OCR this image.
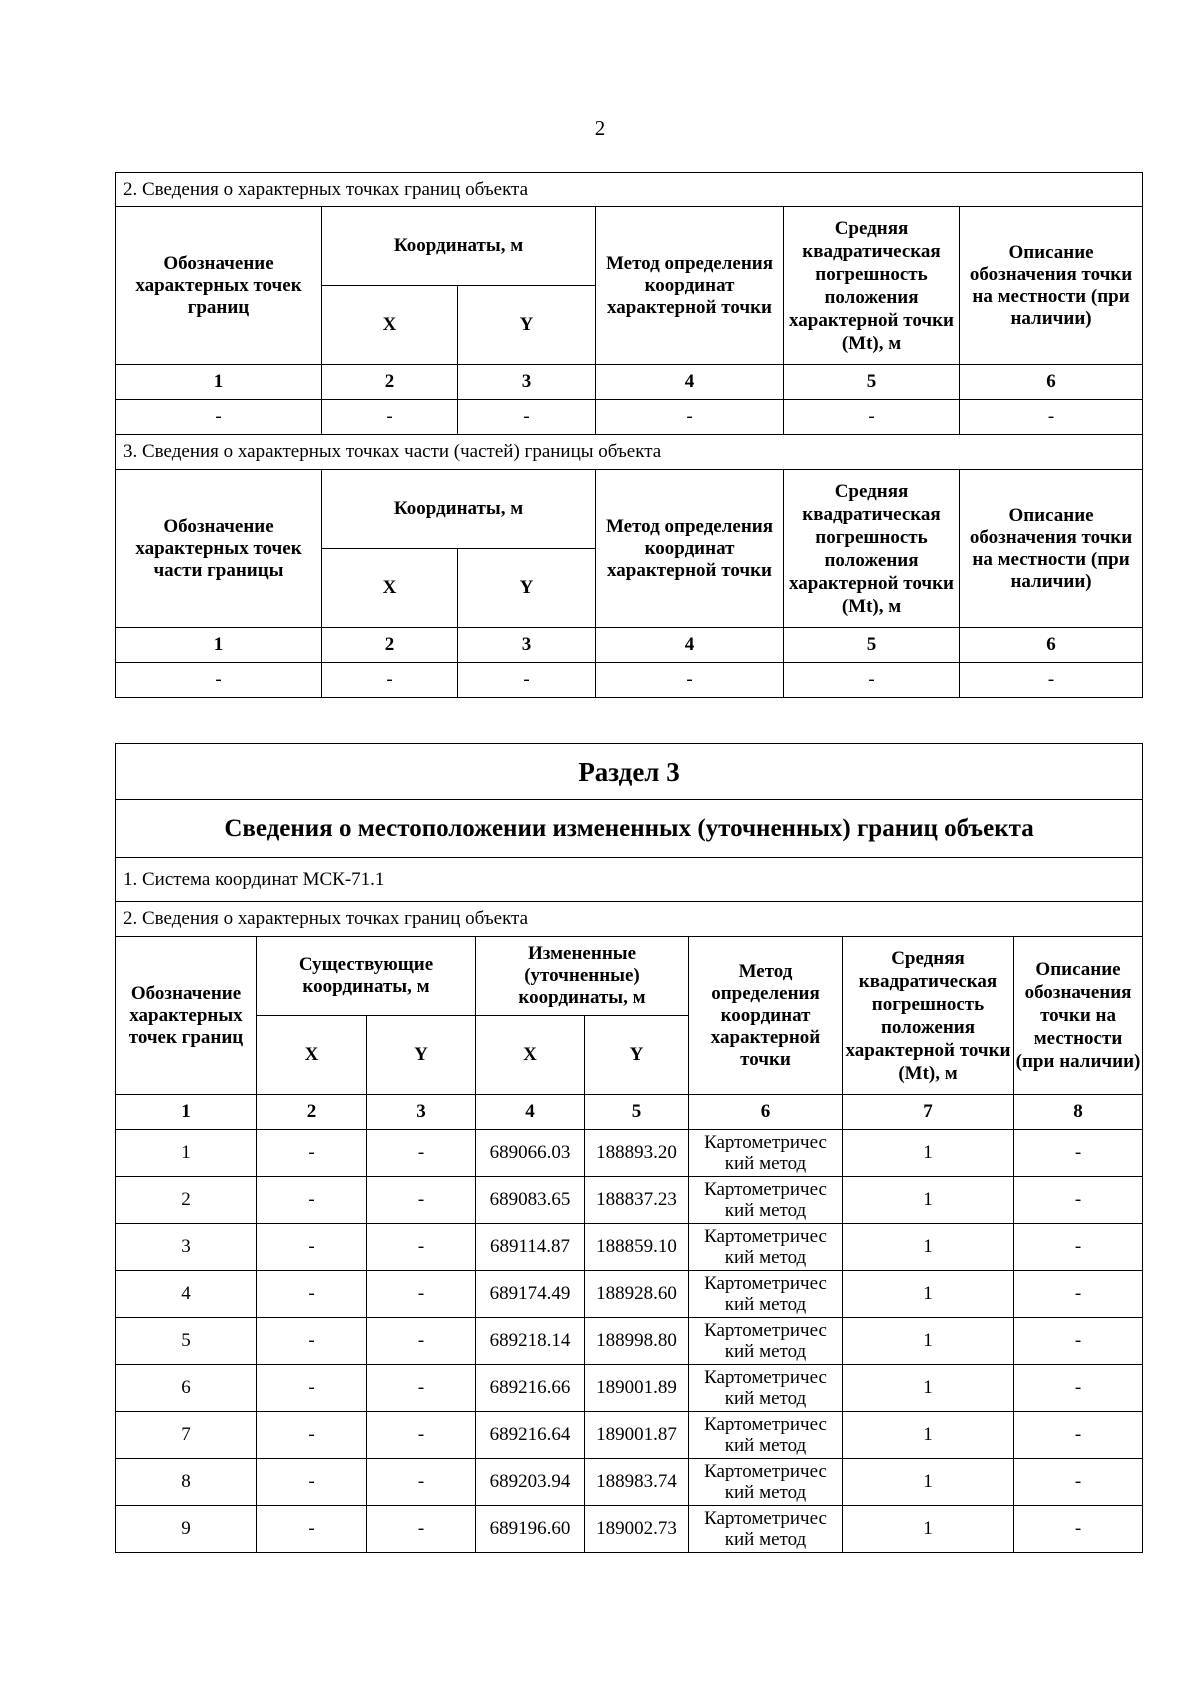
2
2. Сведения о характерных точках границ объекта					
Обозначение характерных точек границ	Координаты, м		Метод определения координат характерной точки	Средняя квадратическая погрешность положения характерной точки (Mt), м	Описание обозначения точки на местности (при наличии)
	X	Y			
1	2	3	4	5	6
-	-	-	-	-	-
3. Сведения о характерных точках части (частей) границы объекта					
Обозначение характерных точек части границы	Координаты, м		Метод определения координат характерной точки	Средняя квадратическая погрешность положения характерной точки (Mt), м	Описание обозначения точки на местности (при наличии)
	X	Y			
1	2	3	4	5	6
-	-	-	-	-	-
Раздел 3							
Сведения о местоположении измененных (уточненных) границ объекта							
1. Система координат МСК-71.1							
2. Сведения о характерных точках границ объекта							
Обозначение характерных точек границ	Существующие координаты, м		Измененные (уточненные) координаты, м		Метод определения координат характерной точки	Средняя квадратическая погрешность положения характерной точки (Mt), м	Описание обозначения точки на местности (при наличии)
	X	Y	X	Y			
1	2	3	4	5	6	7	8
1	-	-	689066.03	188893.20	Картометричес кий метод	1	-
2	-	-	689083.65	188837.23	Картометричес кий метод	1	-
3	-	-	689114.87	188859.10	Картометричес кий метод	1	-
4	-	-	689174.49	188928.60	Картометричес кий метод	1	-
5	-	-	689218.14	188998.80	Картометричес кий метод	1	-
6	-	-	689216.66	189001.89	Картометричес кий метод	1	-
7	-	-	689216.64	189001.87	Картометричес кий метод	1	-
8	-	-	689203.94	188983.74	Картометричес кий метод	1	-
9	-	-	689196.60	189002.73	Картометричес кий метод	1	-
